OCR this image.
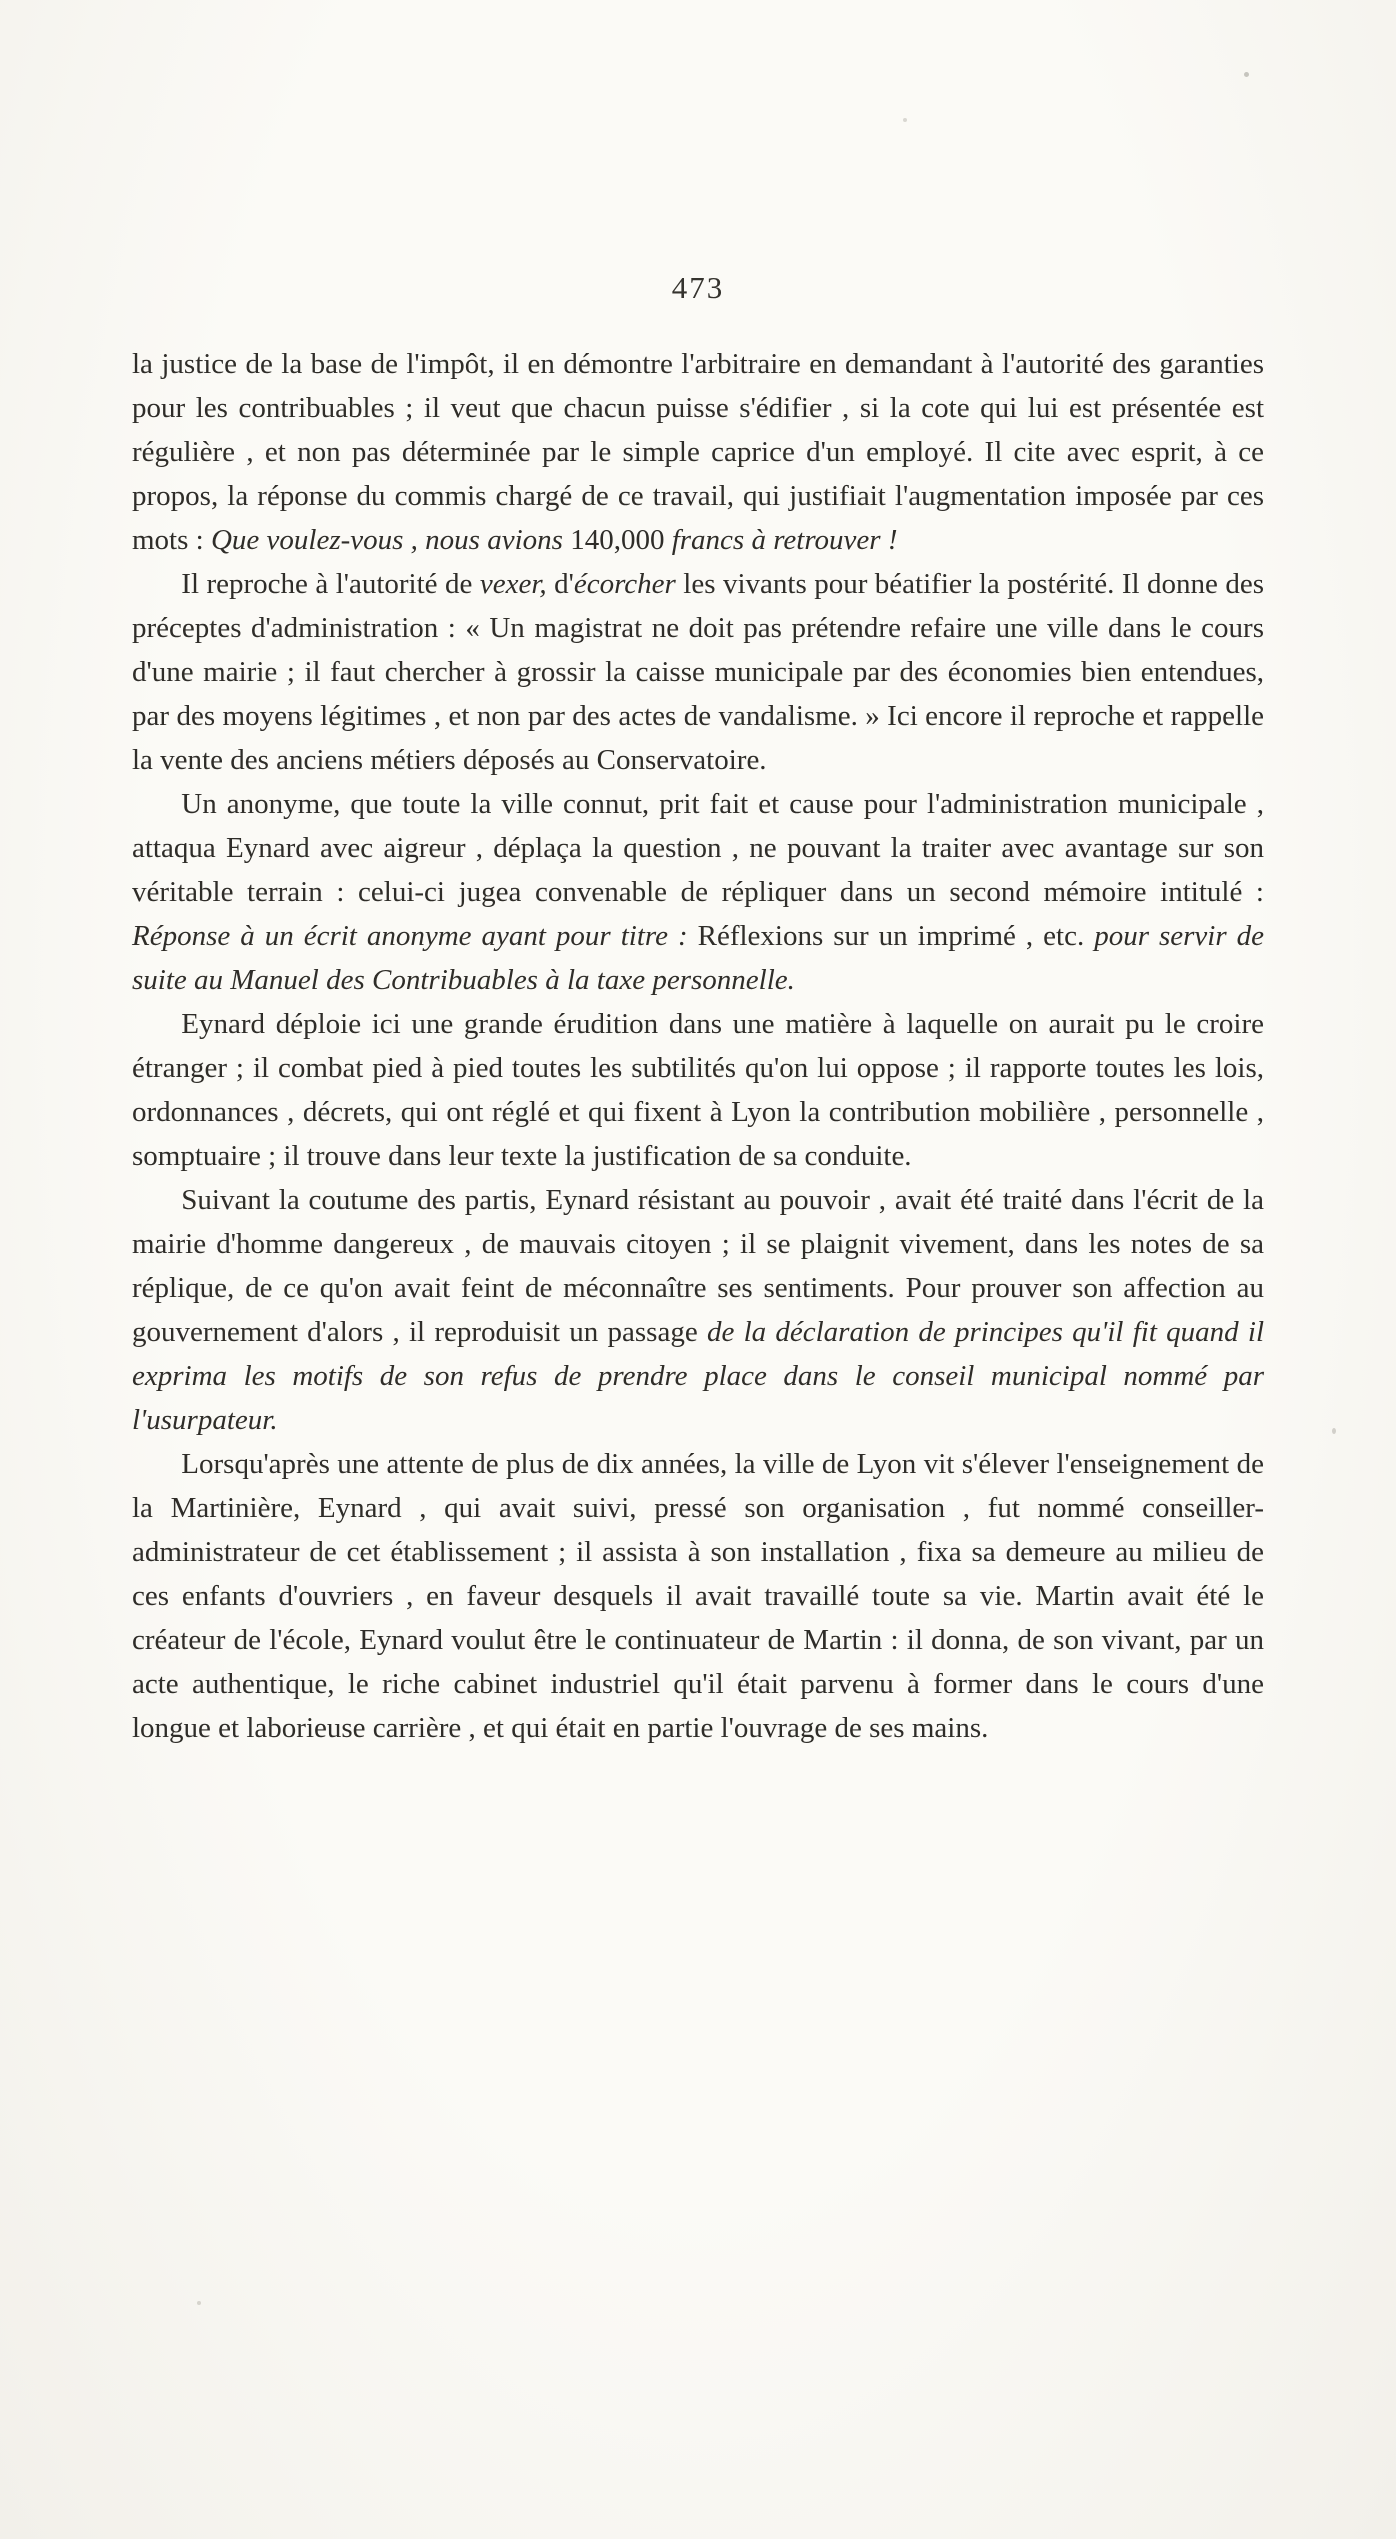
473

la justice de la base de l'impôt, il en démontre l'arbitraire en demandant à l'autorité des garanties pour les contribuables ; il veut que chacun puisse s'édifier , si la cote qui lui est présentée est régulière , et non pas déterminée par le simple caprice d'un employé. Il cite avec esprit, à ce propos, la réponse du commis chargé de ce travail, qui justifiait l'augmentation imposée par ces mots : Que voulez-vous , nous avions 140,000 francs à retrouver !

Il reproche à l'autorité de vexer, d'écorcher les vivants pour béatifier la postérité. Il donne des préceptes d'administration : « Un magistrat ne doit pas prétendre refaire une ville dans le cours d'une mairie ; il faut chercher à grossir la caisse municipale par des économies bien entendues, par des moyens légitimes , et non par des actes de vandalisme. » Ici encore il reproche et rappelle la vente des anciens métiers déposés au Conservatoire.

Un anonyme, que toute la ville connut, prit fait et cause pour l'administration municipale , attaqua Eynard avec aigreur , déplaça la question , ne pouvant la traiter avec avantage sur son véritable terrain : celui-ci jugea convenable de répliquer dans un second mémoire intitulé : Réponse à un écrit anonyme ayant pour titre : Réflexions sur un imprimé , etc. pour servir de suite au Manuel des Contribuables à la taxe personnelle.

Eynard déploie ici une grande érudition dans une matière à laquelle on aurait pu le croire étranger ; il combat pied à pied toutes les subtilités qu'on lui oppose ; il rapporte toutes les lois, ordonnances , décrets, qui ont réglé et qui fixent à Lyon la contribution mobilière , personnelle , somptuaire ; il trouve dans leur texte la justification de sa conduite.

Suivant la coutume des partis, Eynard résistant au pouvoir , avait été traité dans l'écrit de la mairie d'homme dangereux , de mauvais citoyen ; il se plaignit vivement, dans les notes de sa réplique, de ce qu'on avait feint de méconnaître ses sentiments. Pour prouver son affection au gouvernement d'alors , il reproduisit un passage de la déclaration de principes qu'il fit quand il exprima les motifs de son refus de prendre place dans le conseil municipal nommé par l'usurpateur.

Lorsqu'après une attente de plus de dix années, la ville de Lyon vit s'élever l'enseignement de la Martinière, Eynard , qui avait suivi, pressé son organisation , fut nommé conseiller-administrateur de cet établissement ; il assista à son installation , fixa sa demeure au milieu de ces enfants d'ouvriers , en faveur desquels il avait travaillé toute sa vie. Martin avait été le créateur de l'école, Eynard voulut être le continuateur de Martin : il donna, de son vivant, par un acte authentique, le riche cabinet industriel qu'il était parvenu à former dans le cours d'une longue et laborieuse carrière , et qui était en partie l'ouvrage de ses mains.
